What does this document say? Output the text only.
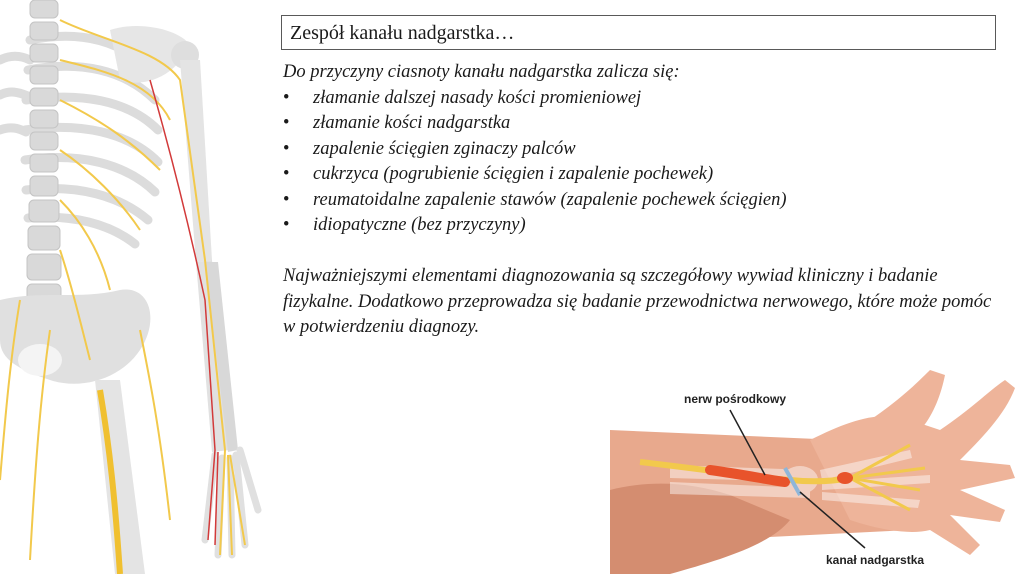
Zespół kanału nadgarstka…

Do przyczyny ciasnoty kanału nadgarstka zalicza się:

•	złamanie dalszej nasady kości promieniowej
•	złamanie kości nadgarstka
•	zapalenie ścięgien zginaczy palców
•	cukrzyca (pogrubienie ścięgien i zapalenie pochewek)
•	reumatoidalne zapalenie stawów (zapalenie pochewek ścięgien)
•	idiopatyczne (bez przyczyny)

Najważniejszymi elementami diagnozowania są szczegółowy wywiad kliniczny i badanie fizykalne. Dodatkowo przeprowadza się badanie przewodnictwa nerwowego, które może pomóc w potwierdzeniu diagnozy.

nerw pośrodkowy
kanał nadgarstka
